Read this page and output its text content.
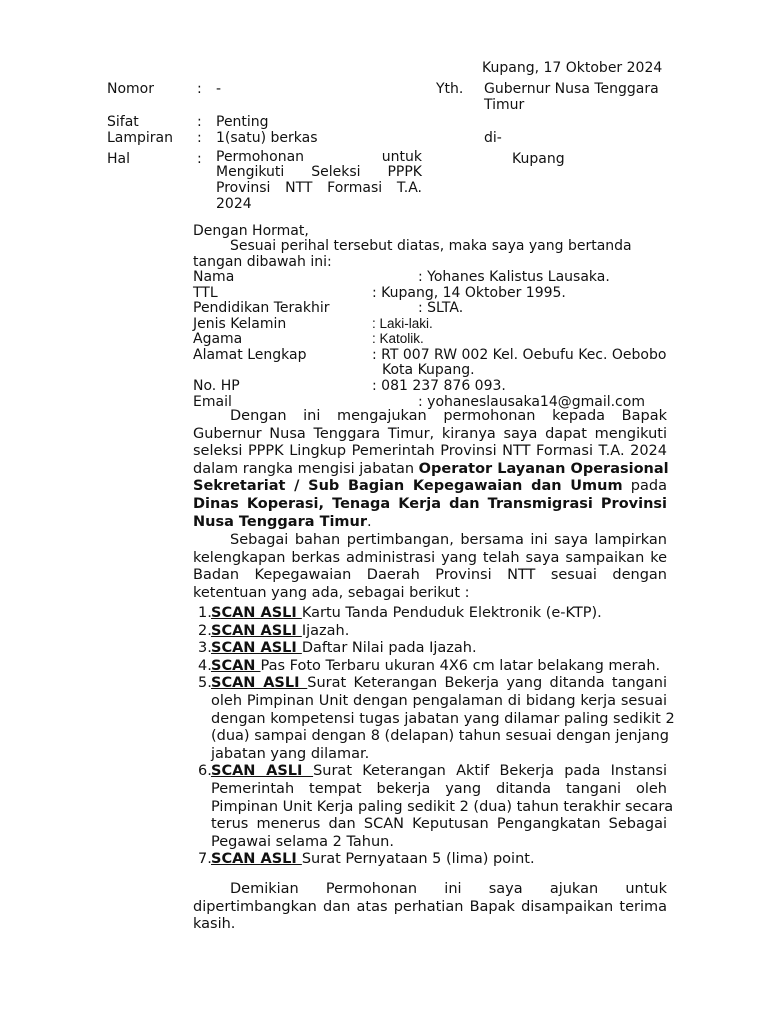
Kupang, 17 Oktober 2024
Nomor	: -	Yth. Gubernur Nusa Tenggara
Timur
Sifat	: Penting
Lampiran : 1(satu) berkas	di-
Hal	: Permohonan untuk
Mengikuti Seleksi PPPK
Provinsi NTT Formasi T.A.
2024
Kupang
Dengan Hormat,
Sesuai perihal tersebut diatas, maka saya yang bertanda
tangan dibawah ini:
Nama	: Yohanes Kalistus Lausaka.
TTL	: Kupang, 14 Oktober 1995.
Pendidikan Terakhir	: SLTA.
Jenis Kelamin	: Laki-laki.
Agama	: Katolik.
Alamat Lengkap	: RT 007 RW 002 Kel. Oebufu Kec. Oebobo
Kota Kupang.
No. HP	: 081 237 876 093.
Email	: yohaneslausaka14@gmail.com
Dengan ini mengajukan permohonan kepada Bapak
Gubernur Nusa Tenggara Timur, kiranya saya dapat mengikuti
seleksi PPPK Lingkup Pemerintah Provinsi NTT Formasi T.A. 2024
dalam rangka mengisi jabatan Operator Layanan Operasional
Sekretariat / Sub Bagian Kepegawaian dan Umum pada
Dinas Koperasi, Tenaga Kerja dan Transmigrasi Provinsi
Nusa Tenggara Timur.
Sebagai bahan pertimbangan, bersama ini saya lampirkan
kelengkapan berkas administrasi yang telah saya sampaikan ke
Badan Kepegawaian Daerah Provinsi NTT sesuai dengan
ketentuan yang ada, sebagai berikut :
1. SCAN ASLI Kartu Tanda Penduduk Elektronik (e-KTP).
2. SCAN ASLI Ijazah.
3. SCAN ASLI Daftar Nilai pada Ijazah.
4. SCAN Pas Foto Terbaru ukuran 4X6 cm latar belakang merah.
5. SCAN ASLI Surat Keterangan Bekerja yang ditanda tangani
oleh Pimpinan Unit dengan pengalaman di bidang kerja sesuai
dengan kompetensi tugas jabatan yang dilamar paling sedikit 2
(dua) sampai dengan 8 (delapan) tahun sesuai dengan jenjang
jabatan yang dilamar.
6. SCAN ASLI Surat Keterangan Aktif Bekerja pada Instansi
Pemerintah tempat bekerja yang ditanda tangani oleh
Pimpinan Unit Kerja paling sedikit 2 (dua) tahun terakhir secara
terus menerus dan SCAN Keputusan Pengangkatan Sebagai
Pegawai selama 2 Tahun.
7. SCAN ASLI Surat Pernyataan 5 (lima) point.
Demikian Permohonan ini saya ajukan untuk
dipertimbangkan dan atas perhatian Bapak disampaikan terima
kasih.
